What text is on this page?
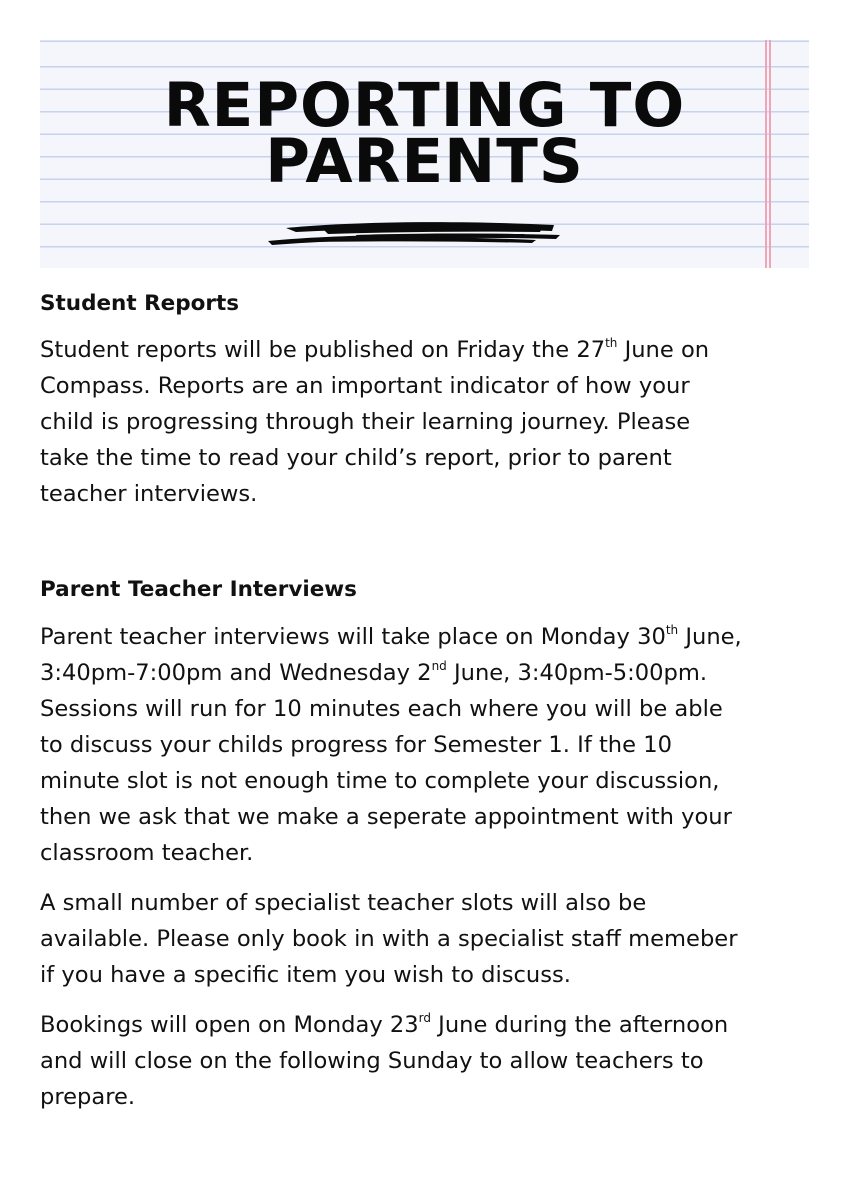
REPORTING TO
PARENTS
Student Reports

Student reports will be published on Friday the 27th June on
Compass. Reports are an important indicator of how your
child is progressing through their learning journey. Please
take the time to read your child’s report, prior to parent
teacher interviews.

Parent Teacher Interviews

Parent teacher interviews will take place on Monday 30th June,
3:40pm-7:00pm and Wednesday 2nd June, 3:40pm-5:00pm.
Sessions will run for 10 minutes each where you will be able
to discuss your childs progress for Semester 1. If the 10
minute slot is not enough time to complete your discussion,
then we ask that we make a seperate appointment with your
classroom teacher.

A small number of specialist teacher slots will also be
available. Please only book in with a specialist staff memeber
if you have a specific item you wish to discuss.

Bookings will open on Monday 23rd June during the afternoon
and will close on the following Sunday to allow teachers to
prepare.
